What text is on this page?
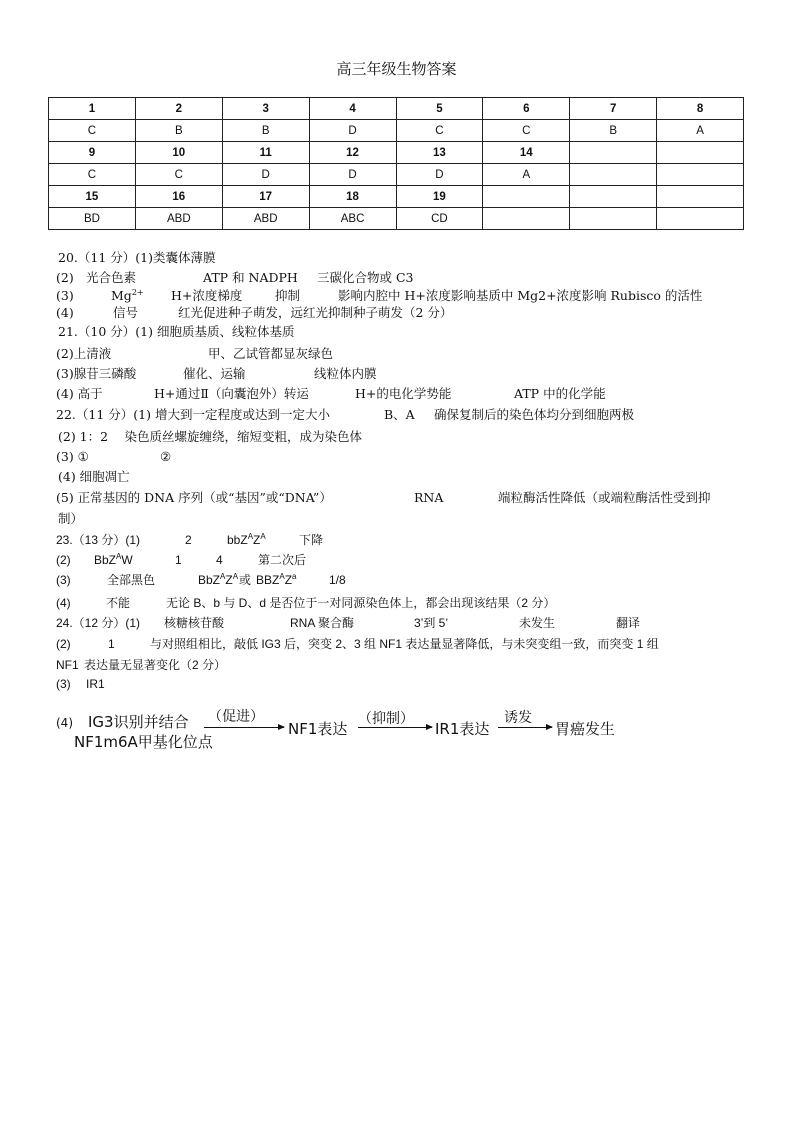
高三年级生物答案
1	2	3	4	5	6	7	8
C	B	B	D	C	C	B	A
9	10	11	12	13	14		
C	C	D	D	D	A		
15	16	17	18	19			
BD	ABD	ABD	ABC	CD			
20.（11 分）(1)类囊体薄膜
(2) 光合色素	ATP 和 NADPH 三碳化合物或 C3
(3)	$Mg^{2+}$ H+浓度梯度	抑制	影响内腔中 H+浓度影响基质中 Mg2+浓度影响 Rubisco 的活性
(4)	信号	红光促进种子萌发，远红光抑制种子萌发（2 分）
21.（10 分）(1) 细胞质基质、线粒体基质
(2)上清液	甲、乙试管都显灰绿色
(3)腺苷三磷酸	催化、运输	线粒体内膜
(4) 高于	H+通过Ⅱ（向囊泡外）转运	H+的电化学势能	ATP 中的化学能
22.（11 分）(1) 增大到一定程度或达到一定大小	B、A 确保复制后的染色体均分到细胞两极
(2) 1：2　 染色质丝螺旋缠绕，缩短变粗，成为染色体
(3) ①	②
(4) 细胞凋亡
(5) 正常基因的 DNA 序列（或“基因”或“DNA”）	RNA	端粒酶活性降低（或端粒酶活性受到抑
制）
23.（13 分）(1)	2	$bbZ^AZ^A$	下降
(2) BbZ$^A$W	1	4	第二次后
(3)	全部黑色	$BbZ^AZ^A$ 或 $BBZ^AZ^a$	1/8
(4)	不能	无论 B、b 与 D、d 是否位于一对同源染色体上，都会出现该结果（2 分）
24.（12 分）(1) 核糖核苷酸	RNA 聚合酶	3’到 5’	未发生	翻译
(2)	1	与对照组相比，敲低 IG3 后，突变 2、3 组 NF1 表达量显著降低，与未突变组一致，而突变 1 组
NF1 表达量无显著变化（2 分）
(3) IR1
(4) IG3识别并结合
NF1m6A甲基化位点
（促进）
NF1表达
（抑制）
IR1表达
诱发
胃癌发生
